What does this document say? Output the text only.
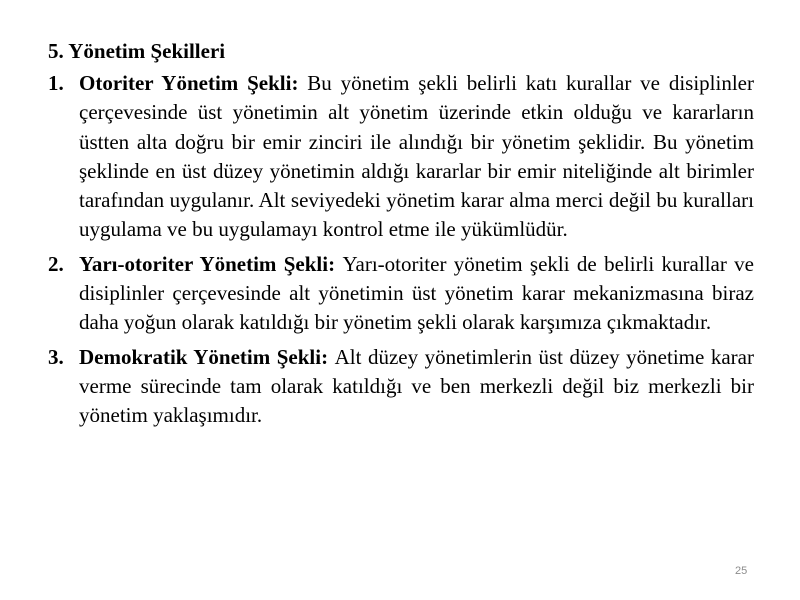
5. Yönetim Şekilleri
1. Otoriter Yönetim Şekli: Bu yönetim şekli belirli katı kurallar ve disiplinler çerçevesinde üst yönetimin alt yönetim üzerinde etkin olduğu ve kararların üstten alta doğru bir emir zinciri ile alındığı bir yönetim şeklidir. Bu yönetim şeklinde en üst düzey yönetimin aldığı kararlar bir emir niteliğinde alt birimler tarafından uygulanır. Alt seviyedeki yönetim karar alma merci değil bu kuralları uygulama ve bu uygulamayı kontrol etme ile yükümlüdür.
2. Yarı-otoriter Yönetim Şekli: Yarı-otoriter yönetim şekli de belirli kurallar ve disiplinler çerçevesinde alt yönetimin üst yönetim karar mekanizmasına biraz daha yoğun olarak katıldığı bir yönetim şekli olarak karşımıza çıkmaktadır.
3. Demokratik Yönetim Şekli: Alt düzey yönetimlerin üst düzey yönetime karar verme sürecinde tam olarak katıldığı ve ben merkezli değil biz merkezli bir yönetim yaklaşımıdır.
25
